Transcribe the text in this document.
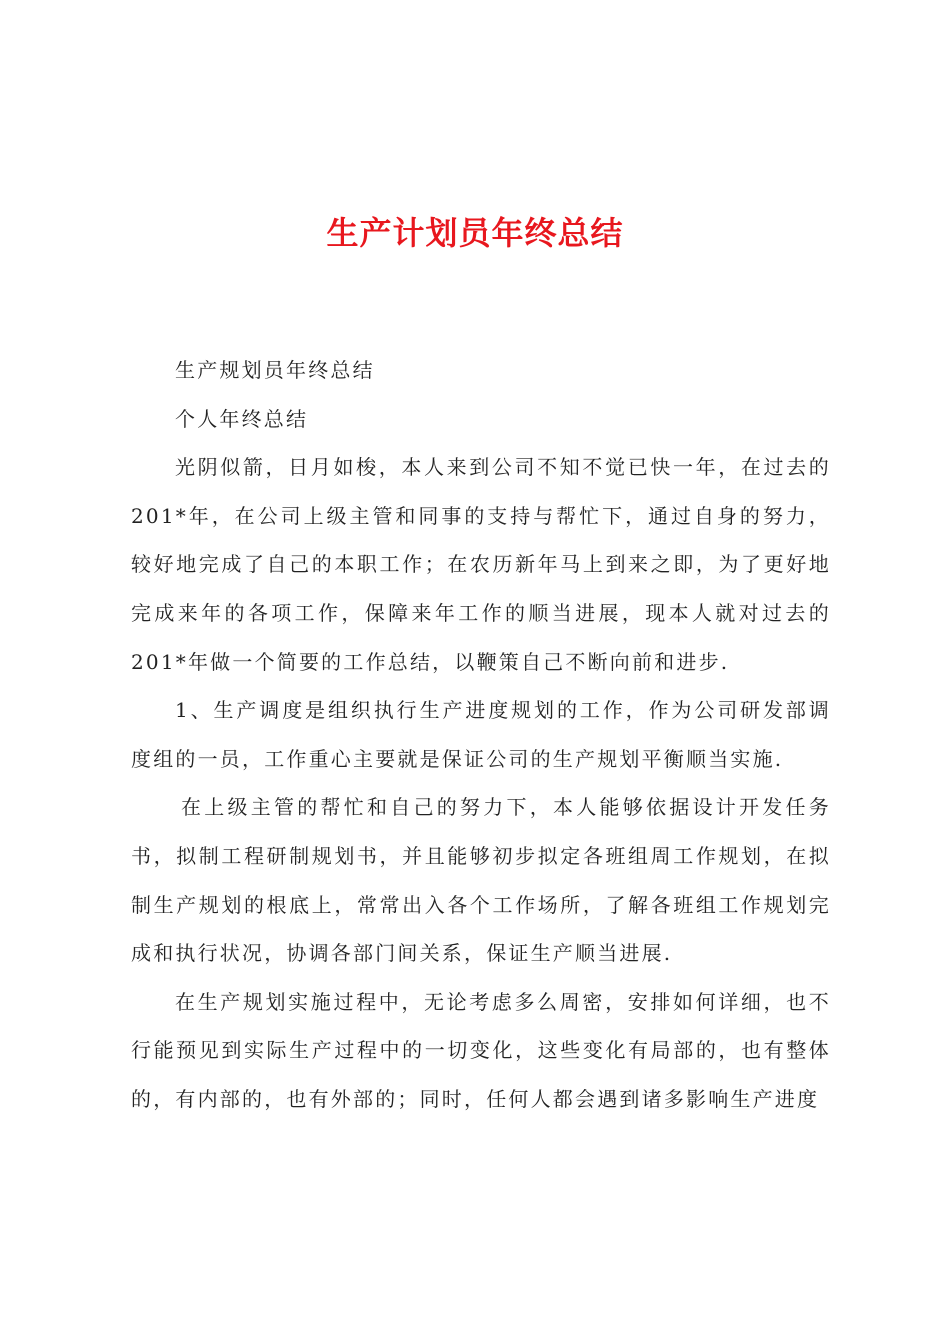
生产计划员年终总结

生产规划员年终总结

个人年终总结

光阴似箭，日月如梭，本人来到公司不知不觉已快一年，在过去的201*年，在公司上级主管和同事的支持与帮忙下，通过自身的努力，较好地完成了自己的本职工作；在农历新年马上到来之即，为了更好地完成来年的各项工作，保障来年工作的顺当进展，现本人就对过去的201*年做一个简要的工作总结，以鞭策自己不断向前和进步.

1、生产调度是组织执行生产进度规划的工作，作为公司研发部调度组的一员，工作重心主要就是保证公司的生产规划平衡顺当实施.

在上级主管的帮忙和自己的努力下，本人能够依据设计开发任务书，拟制工程研制规划书，并且能够初步拟定各班组周工作规划，在拟制生产规划的根底上，常常出入各个工作场所，了解各班组工作规划完成和执行状况，协调各部门间关系，保证生产顺当进展.

在生产规划实施过程中，无论考虑多么周密，安排如何详细，也不行能预见到实际生产过程中的一切变化，这些变化有局部的，也有整体的，有内部的，也有外部的；同时，任何人都会遇到诸多影响生产进度
